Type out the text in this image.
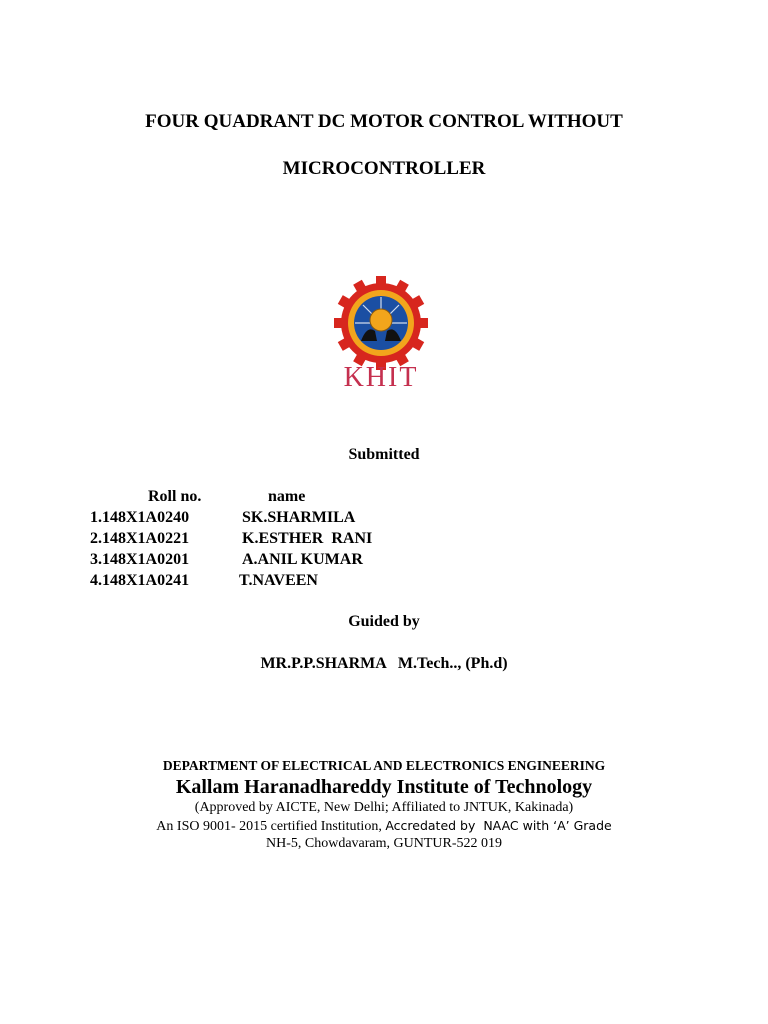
FOUR QUADRANT DC MOTOR CONTROL WITHOUT
MICROCONTROLLER
KHIT
Submitted
Roll no.	name
1.148X1A0240	SK.SHARMILA
2.148X1A0221	K.ESTHER  RANI
3.148X1A0201	A.ANIL KUMAR
4.148X1A0241	T.NAVEEN
Guided by
MR.P.P.SHARMA   M.Tech.., (Ph.d)
DEPARTMENT OF ELECTRICAL AND ELECTRONICS ENGINEERING
Kallam Haranadhareddy Institute of Technology
(Approved by AICTE, New Delhi; Affiliated to JNTUK, Kakinada)
An ISO 9001- 2015 certified Institution, Accredated by  NAAC with ‘A’ Grade
NH-5, Chowdavaram, GUNTUR-522 019
